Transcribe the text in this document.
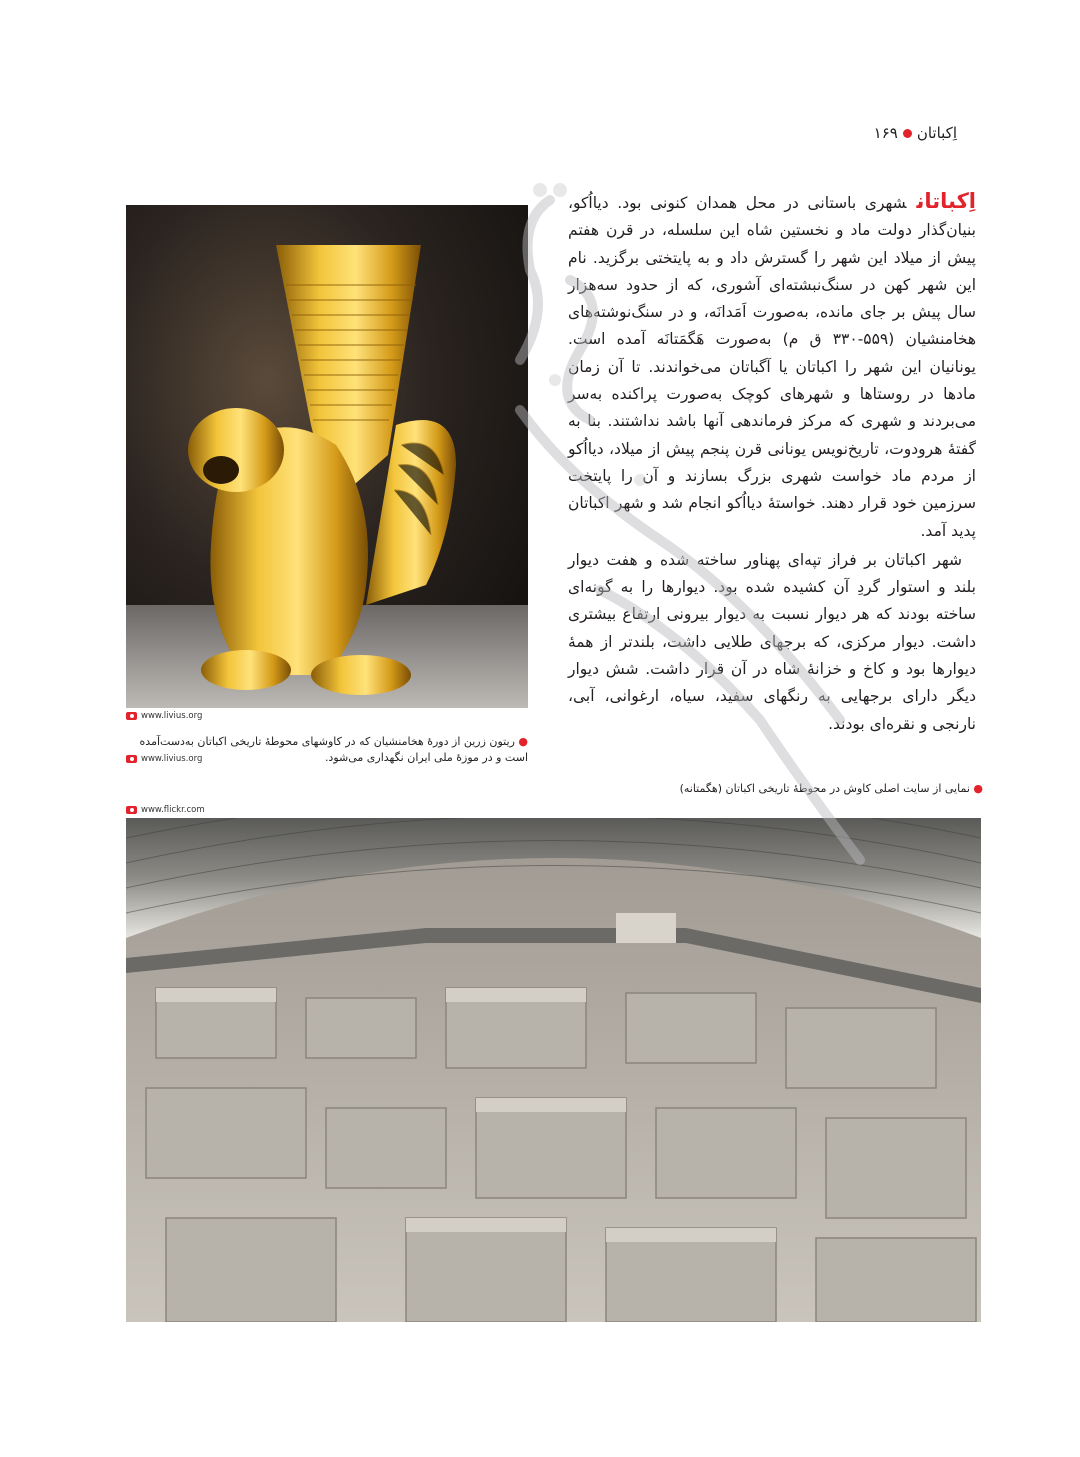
اِکباتان
۱۶۹

اِکباتانشهری باستانی در محل همدان کنونی بود. دیااُکو، بنیان‌گذار دولت ماد و نخستین شاه این سلسله، در قرن هفتم پیش از میلاد این شهر را گسترش داد و به پایتختی برگزید. نام این شهر کهن در سنگ‌نبشته‌ای آشوری، که از حدود سه‌هزار سال پیش بر جای مانده، به‌صورت اَمَدانَه، و در سنگ‌نوشته‌های هخامنشیان (۵۵۹-۳۳۰ ق م) به‌صورت هَگمَتانَه آمده است. یونانیان این شهر را اکباتان یا آگباتان می‌خواندند. تا آن زمان مادها در روستاها و شهرهای کوچک به‌صورت پراکنده به‌سر می‌بردند و شهری که مرکز فرماندهی آنها باشد نداشتند. بنا به گفتهٔ هرودوت، تاریخ‌نویس یونانی قرن پنجم پیش از میلاد، دیااُکو از مردم ماد خواست شهری بزرگ بسازند و آن را پایتخت سرزمین خود قرار دهند. خواستهٔ دیااُکو انجام شد و شهر اکباتان پدید آمد.

شهر اکباتان بر فراز تپه‌ای پهناور ساخته شده و هفت دیوار بلند و استوار گردِ آن کشیده شده بود. دیوارها را به گونه‌ای ساخته بودند که هر دیوار نسبت به دیوار بیرونی ارتفاع بیشتری داشت. دیوار مرکزی، که برجهای طلایی داشت، بلندتر از همهٔ دیوارها بود و کاخ و خزانهٔ شاه در آن قرار داشت. شش دیوار دیگر دارای برجهایی به رنگهای سفید، سیاه، ارغوانی، آبی، نارنجی و نقره‌ای بودند.

www.livius.org
● ریتون زرین از دورهٔ هخامنشیان که در کاوشهای محوطهٔ تاریخی اکباتان به‌دست‌آمده است و در موزهٔ ملی ایران نگهداری می‌شود.
www.livius.org
● نمایی از سایت اصلی کاوش در محوطهٔ تاریخی اکباتان (هگمتانه)
www.flickr.com
